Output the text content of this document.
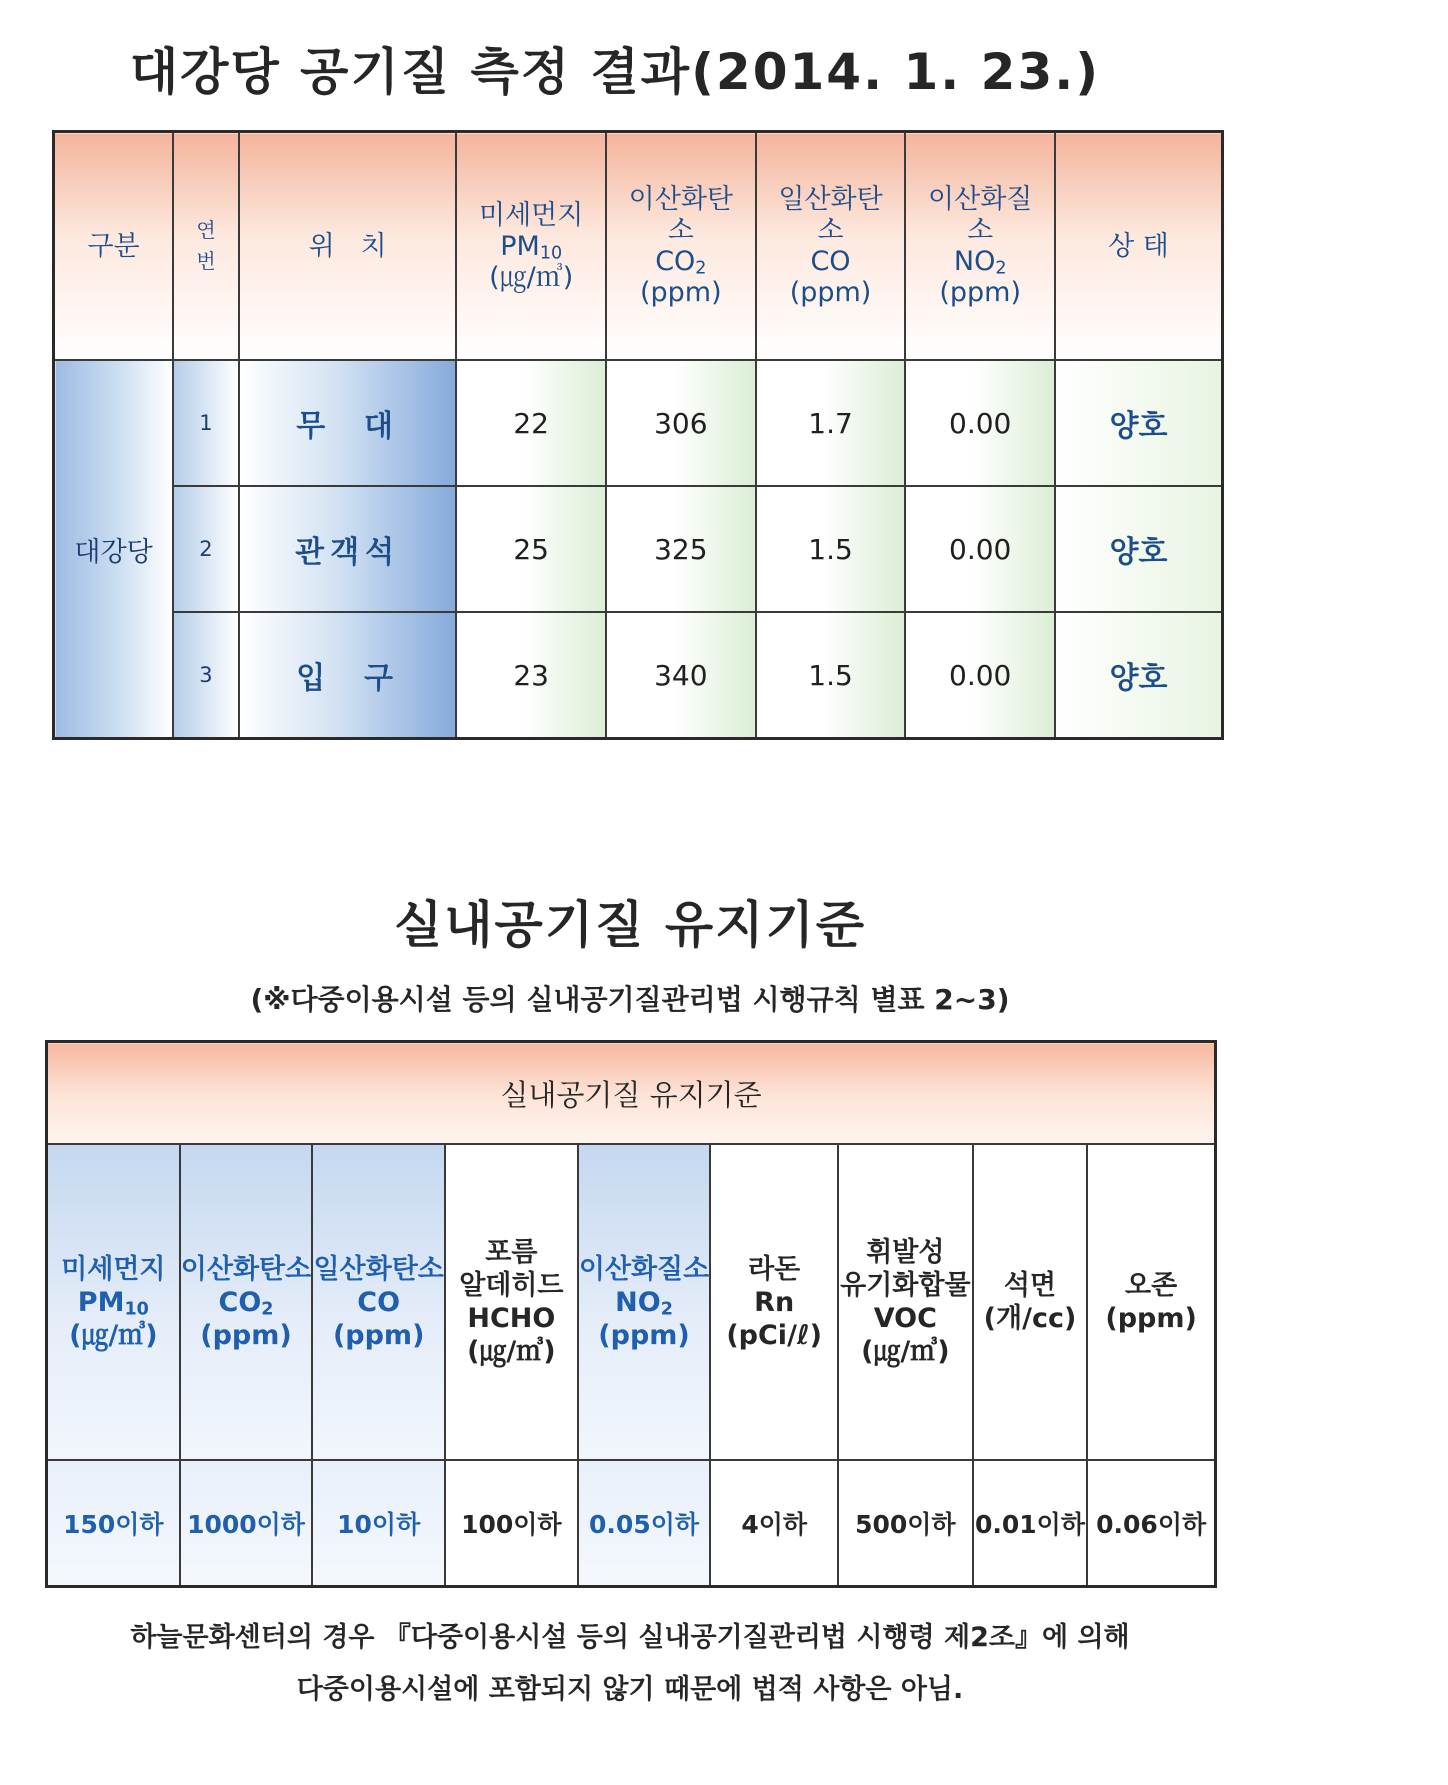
대강당 공기질 측정 결과(2014. 1. 23.)
구분	연
번	위   치	미세먼지
$PM_{10}$
(㎍/㎥)	이산화탄
소
$CO_2$
(ppm)	일산화탄
소
CO
(ppm)	이산화질
소
$NO_2$
(ppm)	상 태
대강당	1	무  대	22	306	1.7	0.00	양호
	2	관객석	25	325	1.5	0.00	양호
	3	입  구	23	340	1.5	0.00	양호
실내공기질 유지기준
(※다중이용시설 등의 실내공기질관리법 시행규칙 별표 2~3)
실내공기질 유지기준								
미세먼지
$PM_{10}$
(㎍/㎥)	이산화탄소
$CO_2$
(ppm)	일산화탄소
CO
(ppm)	포름
알데히드
HCHO
(㎍/㎥)	이산화질소
$NO_2$
(ppm)	라돈
Rn
(pCi/ℓ)	휘발성
유기화합물
VOC
(㎍/㎥)	석면
(개/cc)	오존
(ppm)
150이하	1000이하	10이하	100이하	0.05이하	4이하	500이하	0.01이하	0.06이하
하늘문화센터의 경우 『다중이용시설 등의 실내공기질관리법 시행령 제2조』에 의해
다중이용시설에 포함되지 않기 때문에 법적 사항은 아님.
